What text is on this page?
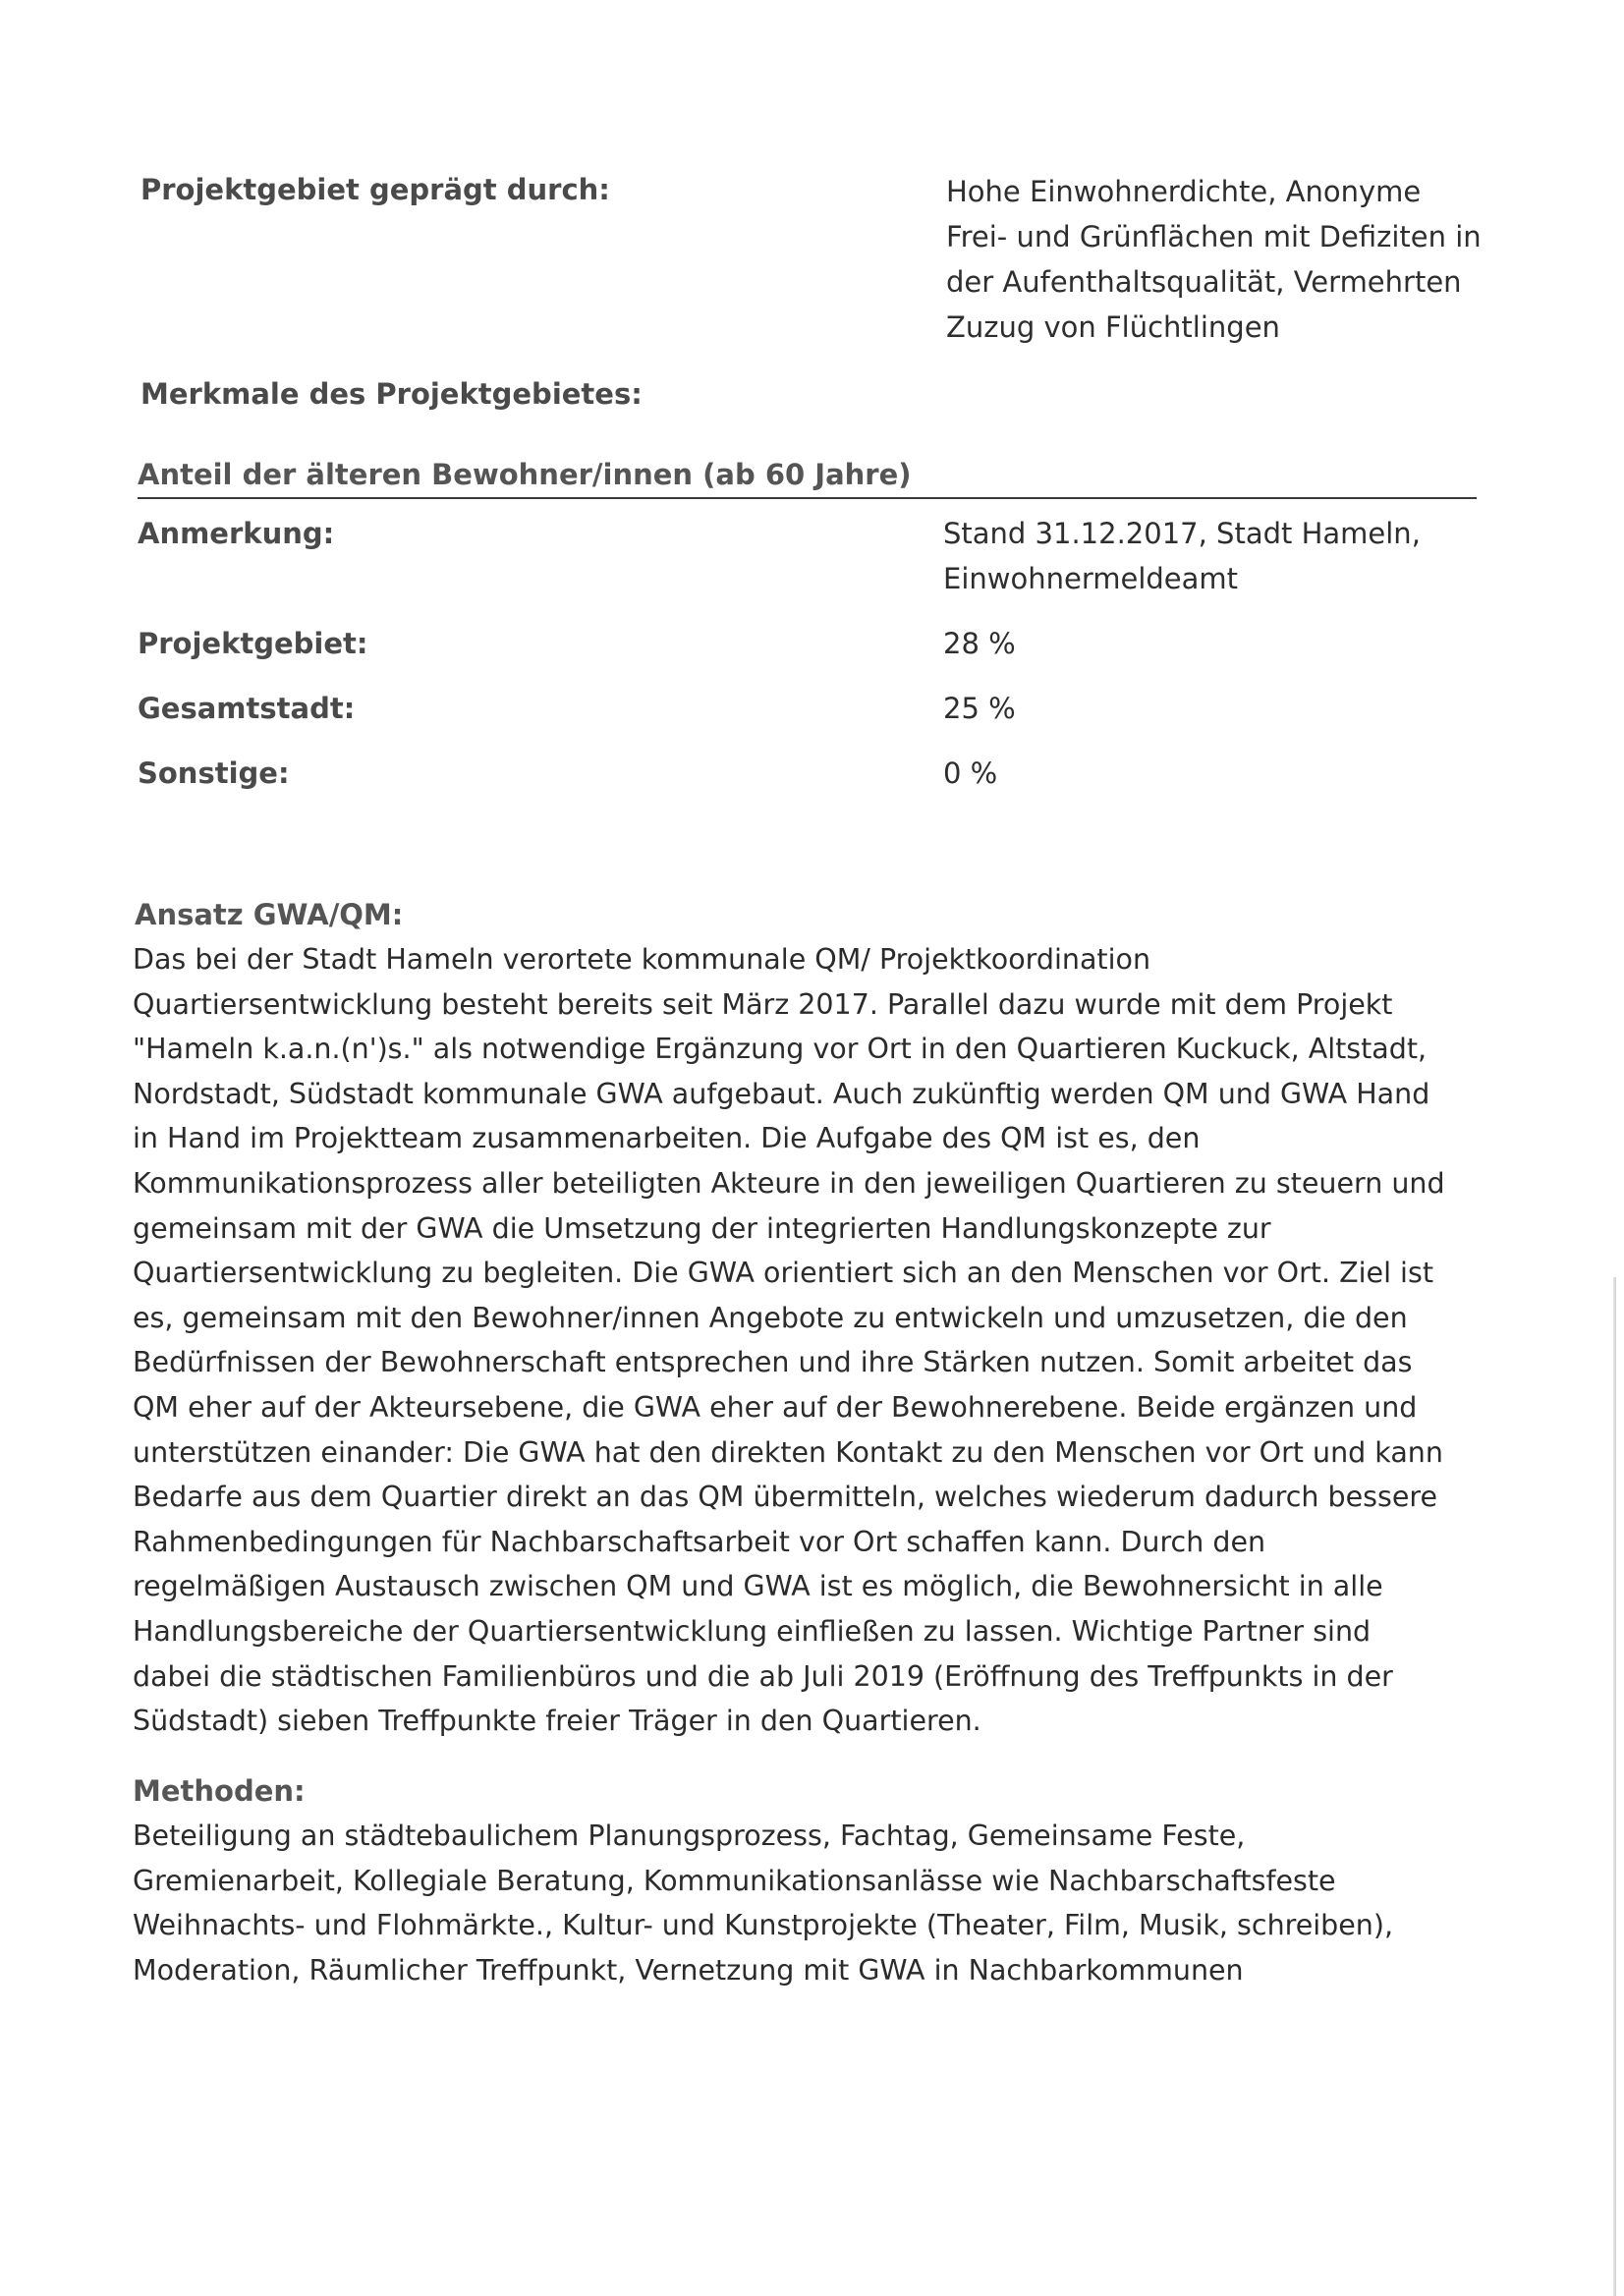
Projektgebiet geprägt durch:	Hohe Einwohnerdichte, Anonyme
Frei- und Grünflächen mit Defiziten in
der Aufenthaltsqualität, Vermehrten
Zuzug von Flüchtlingen
Merkmale des Projektgebietes:
Anteil der älteren Bewohner/innen (ab 60 Jahre)
Anmerkung:	Stand 31.12.2017, Stadt Hameln,
Einwohnermeldeamt
Projektgebiet:	28 %
Gesamtstadt:	25 %
Sonstige:	0 %
Ansatz GWA/QM:
Das bei der Stadt Hameln verortete kommunale QM/ Projektkoordination
Quartiersentwicklung besteht bereits seit März 2017. Parallel dazu wurde mit dem Projekt
"Hameln k.a.n.(n')s." als notwendige Ergänzung vor Ort in den Quartieren Kuckuck, Altstadt,
Nordstadt, Südstadt kommunale GWA aufgebaut. Auch zukünftig werden QM und GWA Hand
in Hand im Projektteam zusammenarbeiten. Die Aufgabe des QM ist es, den
Kommunikationsprozess aller beteiligten Akteure in den jeweiligen Quartieren zu steuern und
gemeinsam mit der GWA die Umsetzung der integrierten Handlungskonzepte zur
Quartiersentwicklung zu begleiten. Die GWA orientiert sich an den Menschen vor Ort. Ziel ist
es, gemeinsam mit den Bewohner/innen Angebote zu entwickeln und umzusetzen, die den
Bedürfnissen der Bewohnerschaft entsprechen und ihre Stärken nutzen. Somit arbeitet das
QM eher auf der Akteursebene, die GWA eher auf der Bewohnerebene. Beide ergänzen und
unterstützen einander: Die GWA hat den direkten Kontakt zu den Menschen vor Ort und kann
Bedarfe aus dem Quartier direkt an das QM übermitteln, welches wiederum dadurch bessere
Rahmenbedingungen für Nachbarschaftsarbeit vor Ort schaffen kann. Durch den
regelmäßigen Austausch zwischen QM und GWA ist es möglich, die Bewohnersicht in alle
Handlungsbereiche der Quartiersentwicklung einfließen zu lassen. Wichtige Partner sind
dabei die städtischen Familienbüros und die ab Juli 2019 (Eröffnung des Treffpunkts in der
Südstadt) sieben Treffpunkte freier Träger in den Quartieren.
Methoden:
Beteiligung an städtebaulichem Planungsprozess, Fachtag, Gemeinsame Feste,
Gremienarbeit, Kollegiale Beratung, Kommunikationsanlässe wie Nachbarschaftsfeste
Weihnachts- und Flohmärkte., Kultur- und Kunstprojekte (Theater, Film, Musik, schreiben),
Moderation, Räumlicher Treffpunkt, Vernetzung mit GWA in Nachbarkommunen
